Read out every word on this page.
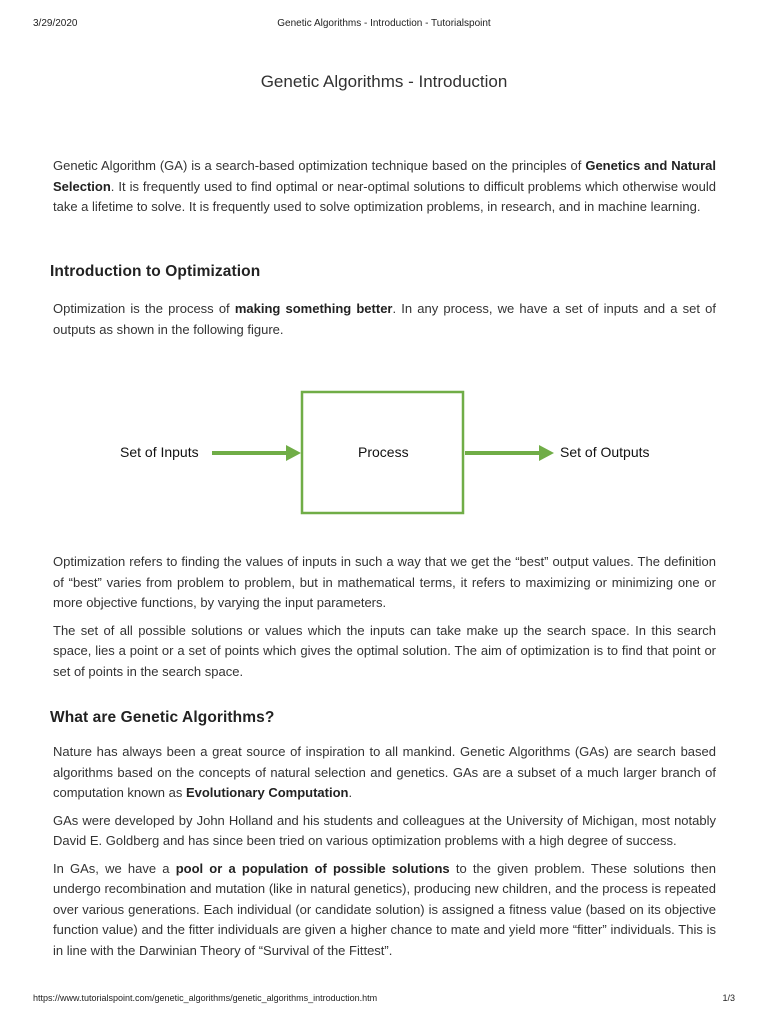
3/29/2020	Genetic Algorithms - Introduction - Tutorialspoint
Genetic Algorithms - Introduction

Genetic Algorithm (GA) is a search-based optimization technique based on the principles of Genetics and Natural Selection. It is frequently used to find optimal or near-optimal solutions to difficult problems which otherwise would take a lifetime to solve. It is frequently used to solve optimization problems, in research, and in machine learning.

Introduction to Optimization

Optimization is the process of making something better. In any process, we have a set of inputs and a set of outputs as shown in the following figure.

Set of Inputs	Process	Set of Outputs

Optimization refers to finding the values of inputs in such a way that we get the “best” output values. The definition of “best” varies from problem to problem, but in mathematical terms, it refers to maximizing or minimizing one or more objective functions, by varying the input parameters.

The set of all possible solutions or values which the inputs can take make up the search space. In this search space, lies a point or a set of points which gives the optimal solution. The aim of optimization is to find that point or set of points in the search space.

What are Genetic Algorithms?

Nature has always been a great source of inspiration to all mankind. Genetic Algorithms (GAs) are search based algorithms based on the concepts of natural selection and genetics. GAs are a subset of a much larger branch of computation known as Evolutionary Computation.

GAs were developed by John Holland and his students and colleagues at the University of Michigan, most notably David E. Goldberg and has since been tried on various optimization problems with a high degree of success.

In GAs, we have a pool or a population of possible solutions to the given problem. These solutions then undergo recombination and mutation (like in natural genetics), producing new children, and the process is repeated over various generations. Each individual (or candidate solution) is assigned a fitness value (based on its objective function value) and the fitter individuals are given a higher chance to mate and yield more “fitter” individuals. This is in line with the Darwinian Theory of “Survival of the Fittest”.

https://www.tutorialspoint.com/genetic_algorithms/genetic_algorithms_introduction.htm	1/3
